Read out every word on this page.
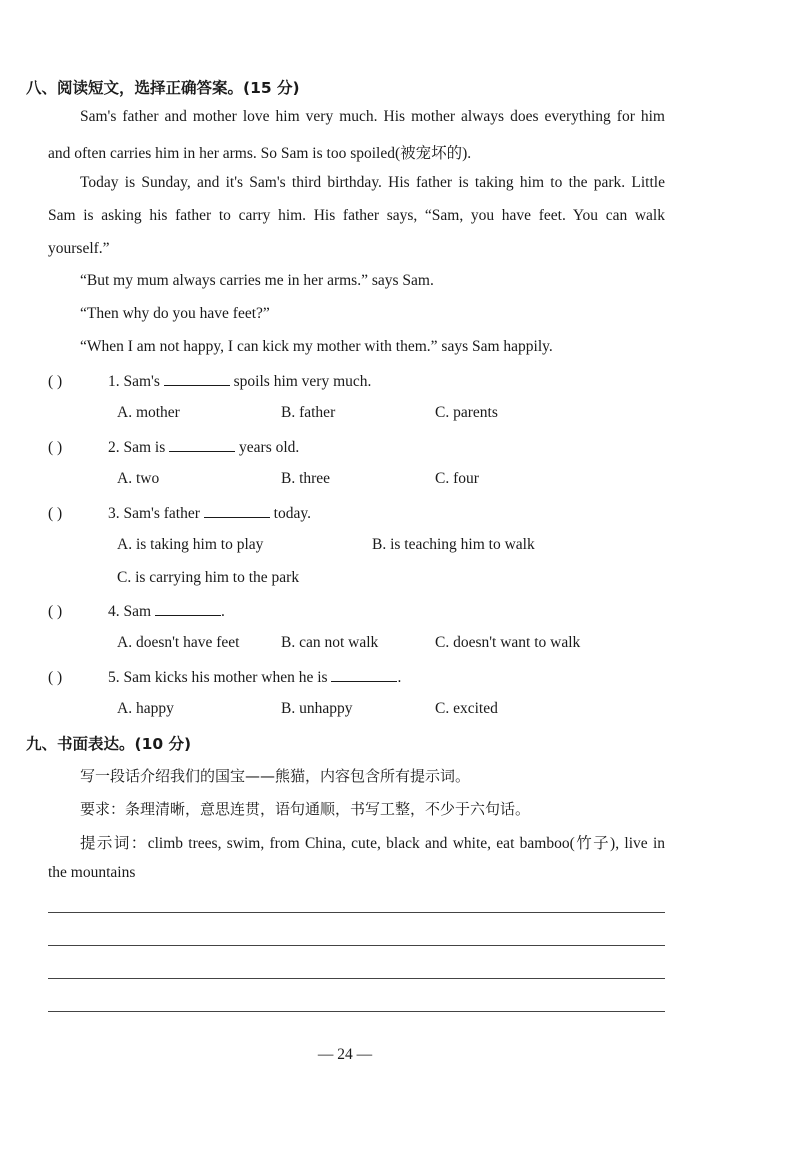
八、阅读短文，选择正确答案。(15 分)
Sam's father and mother love him very much. His mother always does everything for him
and often carries him in her arms. So Sam is too spoiled(被宠坏的).
Today is Sunday, and it's Sam's third birthday. His father is taking him to the park. Little
Sam is asking his father to carry him. His father says, “Sam, you have feet. You can walk
yourself.”
“But my mum always carries me in her arms.” says Sam.
“Then why do you have feet?”
“When I am not happy, I can kick my mother with them.” says Sam happily.
( )	1. Sam's	spoils him very much.
A. mother	B. father	C. parents
( )	2. Sam is	years old.
A. two	B. three	C. four
( )	3. Sam's father	today.
A. is taking him to play	B. is teaching him to walk
C. is carrying him to the park
( )	4. Sam	.
A. doesn't have feet	B. can not walk	C. doesn't want to walk
( )	5. Sam kicks his mother when he is	.
A. happy	B. unhappy	C. excited
九、书面表达。(10 分)
写一段话介绍我们的国宝——熊猫，内容包含所有提示词。
要求：条理清晰，意思连贯，语句通顺，书写工整，不少于六句话。
提示词：climb trees, swim, from China, cute, black and white, eat bamboo(竹子), live in
the mountains
— 24 —
